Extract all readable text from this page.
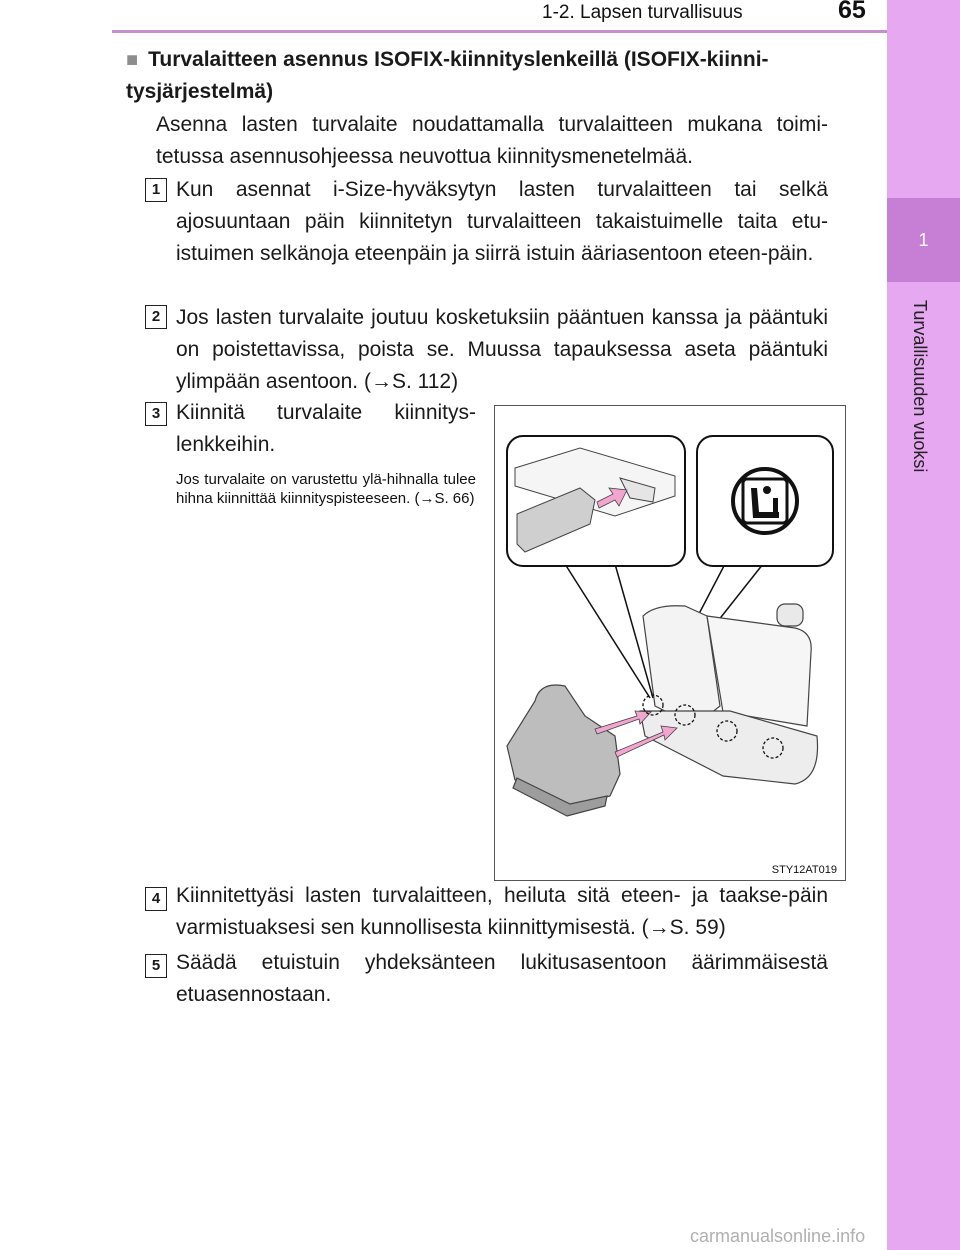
1-2. Lapsen turvallisuus	65
1
Turvallisuuden vuoksi
■ Turvalaitteen asennus ISOFIX-kiinnityslenkeillä (ISOFIX-kiinni-tysjärjestelmä)
Asenna lasten turvalaite noudattamalla turvalaitteen mukana toimi-tetussa asennusohjeessa neuvottua kiinnitysmenetelmää.
1 Kun asennat i-Size-hyväksytyn lasten turvalaitteen tai selkä ajosuuntaan päin kiinnitetyn turvalaitteen takaistuimelle taita etu-istuimen selkänoja eteenpäin ja siirrä istuin ääriasentoon eteen-päin.
2 Jos lasten turvalaite joutuu kosketuksiin pääntuen kanssa ja pääntuki on poistettavissa, poista se. Muussa tapauksessa aseta pääntuki ylimpään asentoon. (→S. 112)
3 Kiinnitä turvalaite kiinnitys-lenkkeihin.
Jos turvalaite on varustettu ylä-hihnalla tulee hihna kiinnittää kiinnityspisteeseen. (→S. 66)
STY12AT019
4 Kiinnitettyäsi lasten turvalaitteen, heiluta sitä eteen- ja taakse-päin varmistuaksesi sen kunnollisesta kiinnittymisestä. (→S. 59)
5 Säädä etuistuin yhdeksänteen lukitusasentoon äärimmäisestä etuasennostaan.
carmanualsonline.info
